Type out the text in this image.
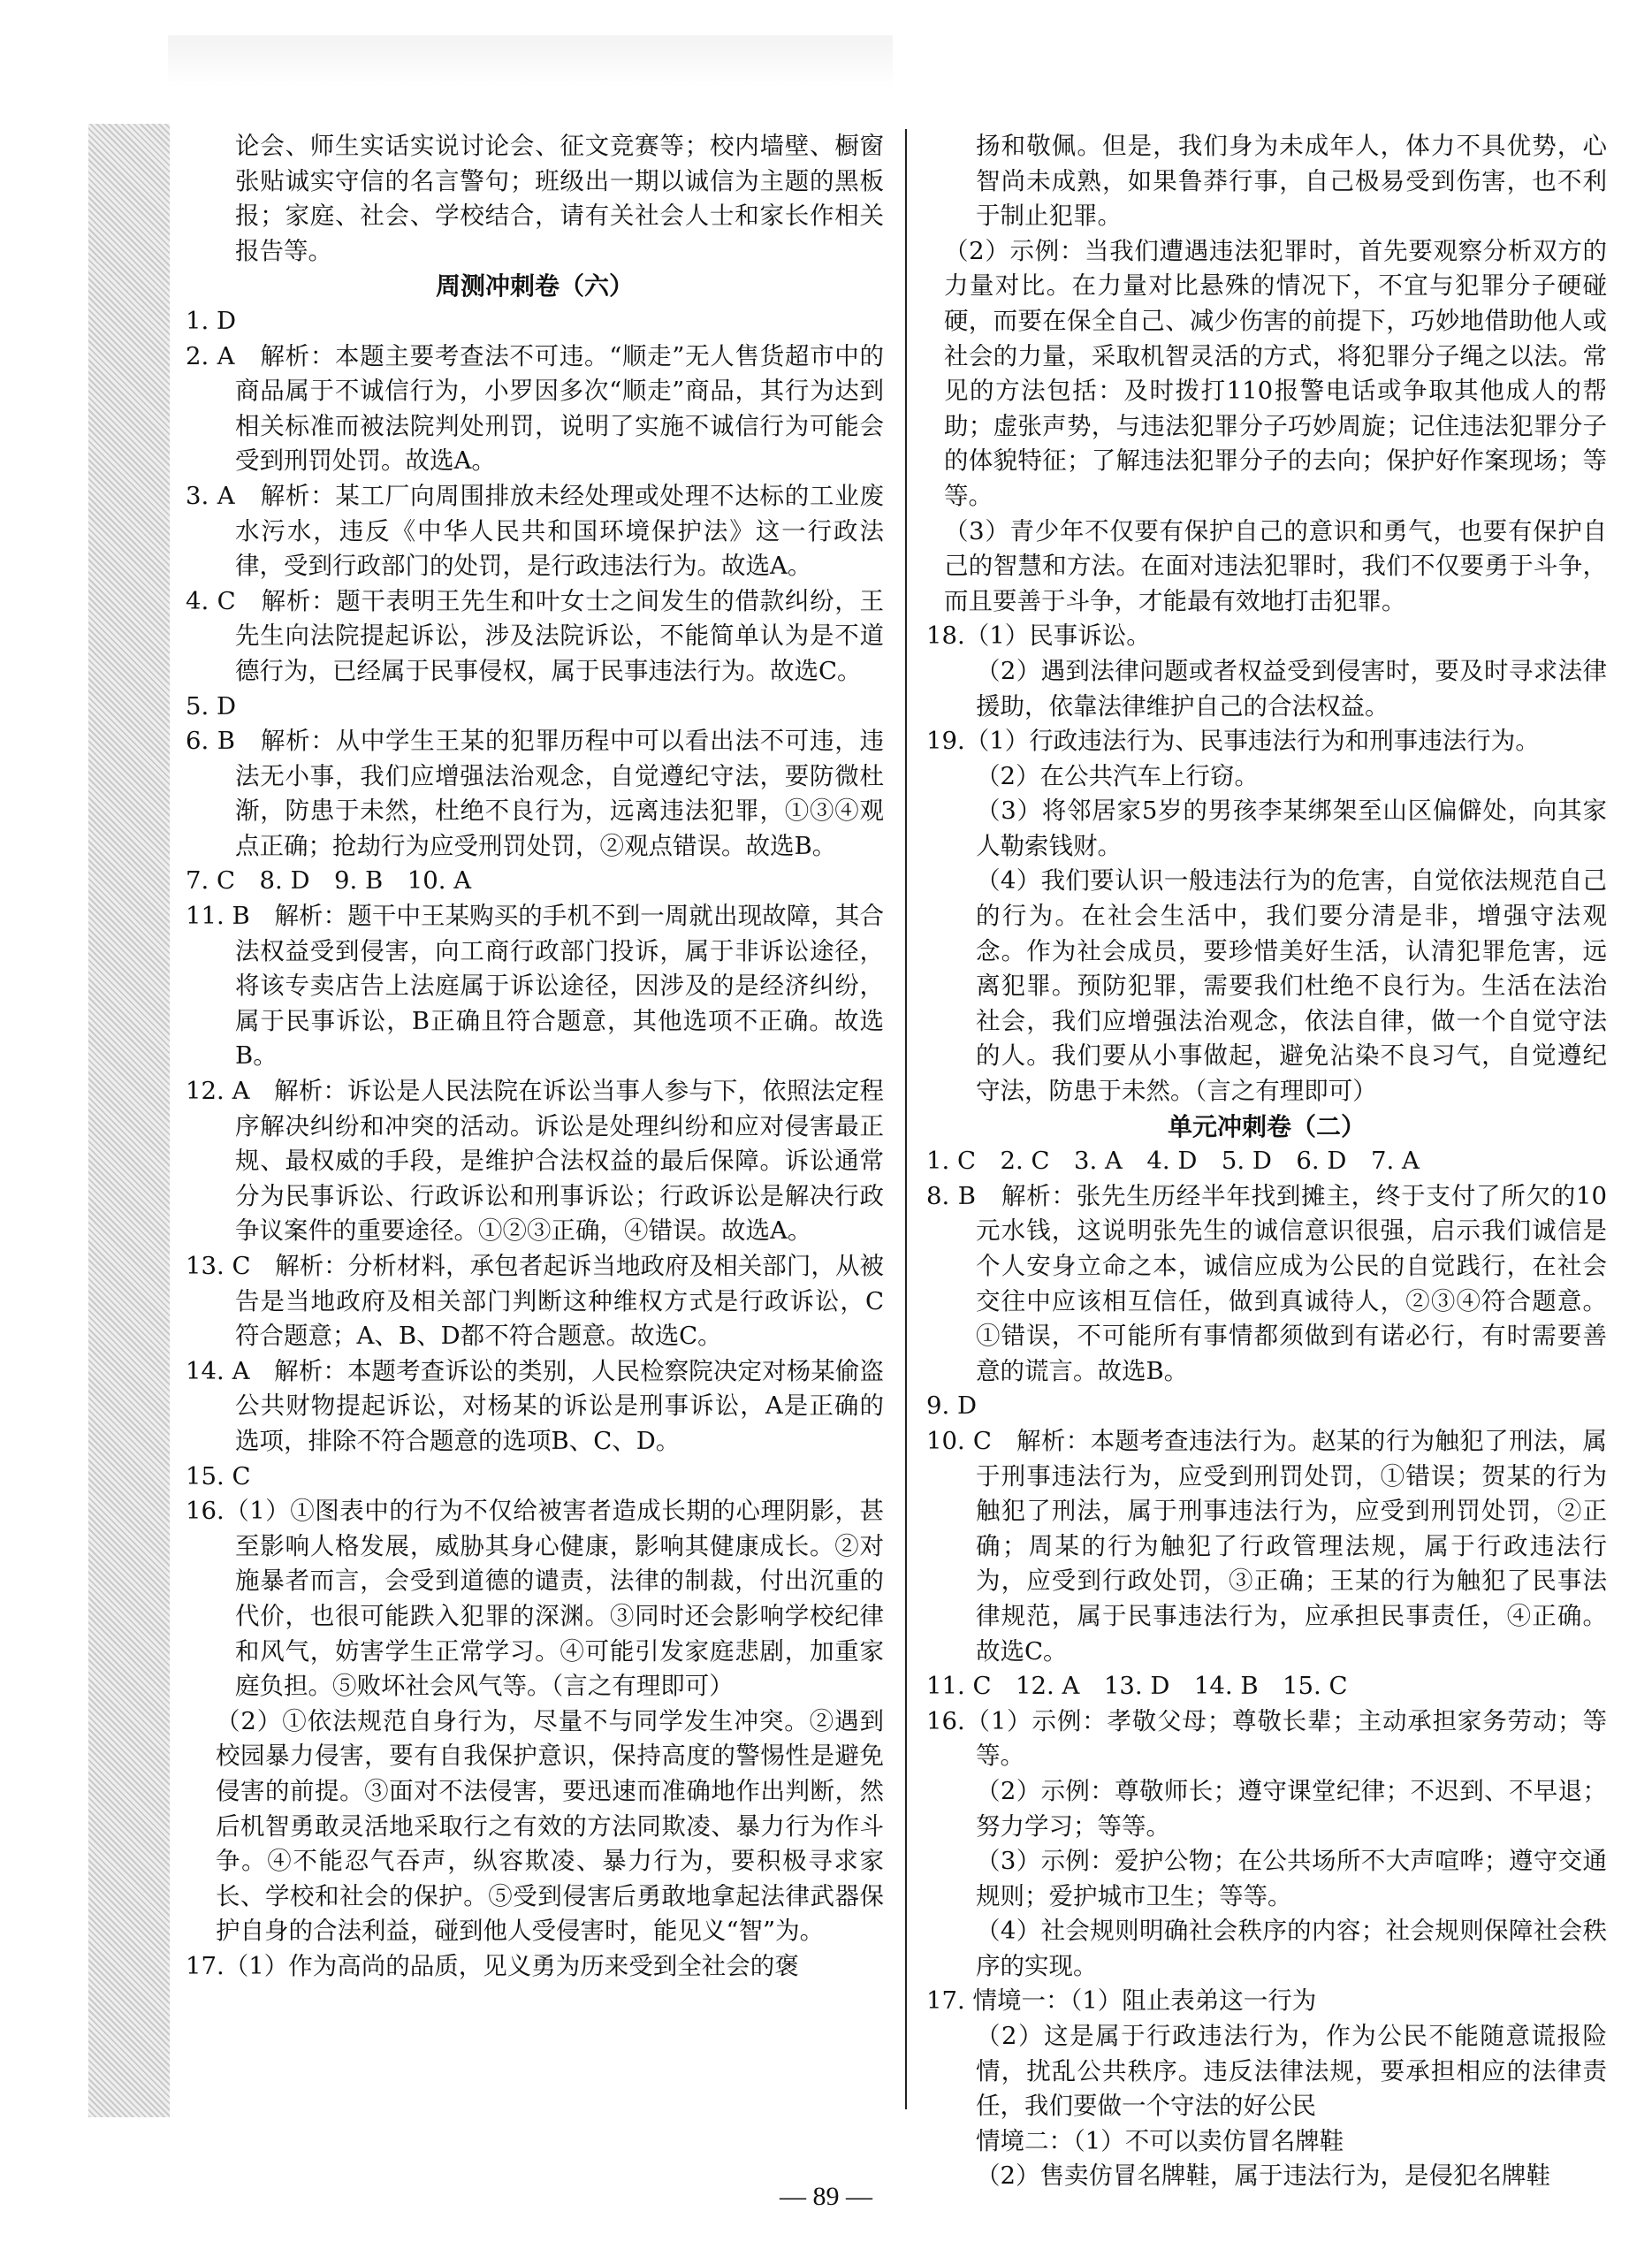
论会、师生实话实说讨论会、征文竞赛等；校内墙壁、橱窗张贴诚实守信的名言警句；班级出一期以诚信为主题的黑板报；家庭、社会、学校结合，请有关社会人士和家长作相关报告等。

周测冲刺卷（六）

1. D

2. A　解析：本题主要考查法不可违。“顺走”无人售货超市中的商品属于不诚信行为，小罗因多次“顺走”商品，其行为达到相关标准而被法院判处刑罚，说明了实施不诚信行为可能会受到刑罚处罚。故选A。

3. A　解析：某工厂向周围排放未经处理或处理不达标的工业废水污水，违反《中华人民共和国环境保护法》这一行政法律，受到行政部门的处罚，是行政违法行为。故选A。

4. C　解析：题干表明王先生和叶女士之间发生的借款纠纷，王先生向法院提起诉讼，涉及法院诉讼，不能简单认为是不道德行为，已经属于民事侵权，属于民事违法行为。故选C。

5. D

6. B　解析：从中学生王某的犯罪历程中可以看出法不可违，违法无小事，我们应增强法治观念，自觉遵纪守法，要防微杜渐，防患于未然，杜绝不良行为，远离违法犯罪，①③④观点正确；抢劫行为应受刑罚处罚，②观点错误。故选B。

7. C　8. D　9. B　10. A

11. B　解析：题干中王某购买的手机不到一周就出现故障，其合法权益受到侵害，向工商行政部门投诉，属于非诉讼途径，将该专卖店告上法庭属于诉讼途径，因涉及的是经济纠纷，属于民事诉讼，B正确且符合题意，其他选项不正确。故选B。

12. A　解析：诉讼是人民法院在诉讼当事人参与下，依照法定程序解决纠纷和冲突的活动。诉讼是处理纠纷和应对侵害最正规、最权威的手段，是维护合法权益的最后保障。诉讼通常分为民事诉讼、行政诉讼和刑事诉讼；行政诉讼是解决行政争议案件的重要途径。①②③正确，④错误。故选A。

13. C　解析：分析材料，承包者起诉当地政府及相关部门，从被告是当地政府及相关部门判断这种维权方式是行政诉讼，C符合题意；A、B、D都不符合题意。故选C。

14. A　解析：本题考查诉讼的类别，人民检察院决定对杨某偷盗公共财物提起诉讼，对杨某的诉讼是刑事诉讼，A是正确的选项，排除不符合题意的选项B、C、D。

15. C

16.（1）①图表中的行为不仅给被害者造成长期的心理阴影，甚至影响人格发展，威胁其身心健康，影响其健康成长。②对施暴者而言，会受到道德的谴责，法律的制裁，付出沉重的代价，也很可能跌入犯罪的深渊。③同时还会影响学校纪律和风气，妨害学生正常学习。④可能引发家庭悲剧，加重家庭负担。⑤败坏社会风气等。（言之有理即可）

（2）①依法规范自身行为，尽量不与同学发生冲突。②遇到校园暴力侵害，要有自我保护意识，保持高度的警惕性是避免侵害的前提。③面对不法侵害，要迅速而准确地作出判断，然后机智勇敢灵活地采取行之有效的方法同欺凌、暴力行为作斗争。④不能忍气吞声，纵容欺凌、暴力行为，要积极寻求家长、学校和社会的保护。⑤受到侵害后勇敢地拿起法律武器保护自身的合法利益，碰到他人受侵害时，能见义“智”为。

17.（1）作为高尚的品质，见义勇为历来受到全社会的褒

扬和敬佩。但是，我们身为未成年人，体力不具优势，心智尚未成熟，如果鲁莽行事，自己极易受到伤害，也不利于制止犯罪。

（2）示例：当我们遭遇违法犯罪时，首先要观察分析双方的力量对比。在力量对比悬殊的情况下，不宜与犯罪分子硬碰硬，而要在保全自己、减少伤害的前提下，巧妙地借助他人或社会的力量，采取机智灵活的方式，将犯罪分子绳之以法。常见的方法包括：及时拨打110报警电话或争取其他成人的帮助；虚张声势，与违法犯罪分子巧妙周旋；记住违法犯罪分子的体貌特征；了解违法犯罪分子的去向；保护好作案现场；等等。

（3）青少年不仅要有保护自己的意识和勇气，也要有保护自己的智慧和方法。在面对违法犯罪时，我们不仅要勇于斗争，而且要善于斗争，才能最有效地打击犯罪。

18.（1）民事诉讼。

（2）遇到法律问题或者权益受到侵害时，要及时寻求法律援助，依靠法律维护自己的合法权益。

19.（1）行政违法行为、民事违法行为和刑事违法行为。

（2）在公共汽车上行窃。

（3）将邻居家5岁的男孩李某绑架至山区偏僻处，向其家人勒索钱财。

（4）我们要认识一般违法行为的危害，自觉依法规范自己的行为。在社会生活中，我们要分清是非，增强守法观念。作为社会成员，要珍惜美好生活，认清犯罪危害，远离犯罪。预防犯罪，需要我们杜绝不良行为。生活在法治社会，我们应增强法治观念，依法自律，做一个自觉守法的人。我们要从小事做起，避免沾染不良习气，自觉遵纪守法，防患于未然。（言之有理即可）

单元冲刺卷（二）

1. C　2. C　3. A　4. D　5. D　6. D　7. A

8. B　解析：张先生历经半年找到摊主，终于支付了所欠的10元水钱，这说明张先生的诚信意识很强，启示我们诚信是个人安身立命之本，诚信应成为公民的自觉践行，在社会交往中应该相互信任，做到真诚待人，②③④符合题意。①错误，不可能所有事情都须做到有诺必行，有时需要善意的谎言。故选B。

9. D

10. C　解析：本题考查违法行为。赵某的行为触犯了刑法，属于刑事违法行为，应受到刑罚处罚，①错误；贺某的行为触犯了刑法，属于刑事违法行为，应受到刑罚处罚，②正确；周某的行为触犯了行政管理法规，属于行政违法行为，应受到行政处罚，③正确；王某的行为触犯了民事法律规范，属于民事违法行为，应承担民事责任，④正确。故选C。

11. C　12. A　13. D　14. B　15. C

16.（1）示例：孝敬父母；尊敬长辈；主动承担家务劳动；等等。

（2）示例：尊敬师长；遵守课堂纪律；不迟到、不早退；努力学习；等等。

（3）示例：爱护公物；在公共场所不大声喧哗；遵守交通规则；爱护城市卫生；等等。

（4）社会规则明确社会秩序的内容；社会规则保障社会秩序的实现。

17. 情境一：（1）阻止表弟这一行为

（2）这是属于行政违法行为，作为公民不能随意谎报险情，扰乱公共秩序。违反法律法规，要承担相应的法律责任，我们要做一个守法的好公民

情境二：（1）不可以卖仿冒名牌鞋

（2）售卖仿冒名牌鞋，属于违法行为，是侵犯名牌鞋

— 89 —
